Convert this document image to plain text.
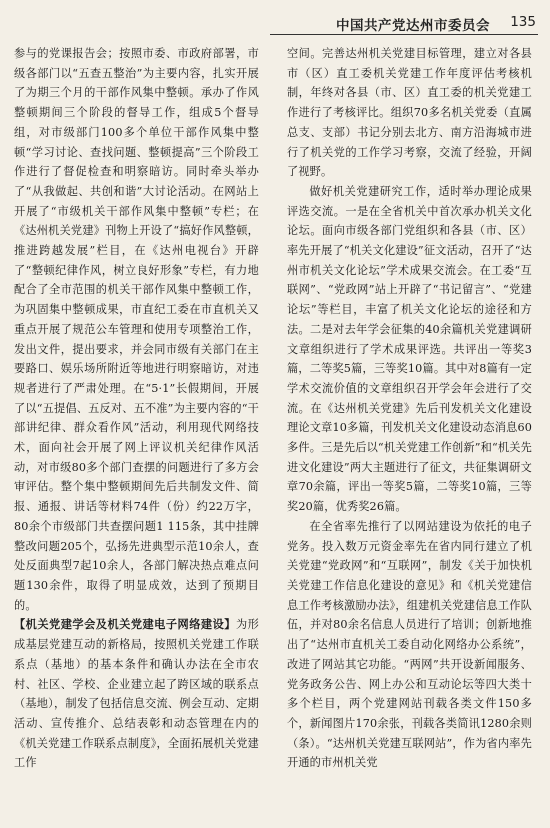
中国共产党达州市委员会 135

参与的党课报告会；按照市委、市政府部署，市级各部门以“五查五整治”为主要内容，扎实开展了为期三个月的干部作风集中整顿。承办了作风整顿期间三个阶段的督导工作，组成5个督导组，对市级部门100多个单位干部作风集中整顿“学习讨论、查找问题、整顿提高”三个阶段工作进行了督促检查和明察暗访。同时牵头举办了“从我做起、共创和谐”大讨论活动。在网站上开展了“市级机关干部作风集中整顿”专栏；在《达州机关党建》刊物上开设了“搞好作风整顿，推进跨越发展”栏目，在《达州电视台》开辟了“整顿纪律作风，树立良好形象”专栏，有力地配合了全市范围的机关干部作风集中整顿工作，为巩固集中整顿成果，市直纪工委在市直机关又重点开展了规范公车管理和使用专项整治工作，发出文件，提出要求，并会同市级有关部门在主要路口、娱乐场所附近等地进行明察暗访，对违规者进行了严肃处理。在“5·1”长假期间，开展了以“五提倡、五反对、五不准”为主要内容的“干部讲纪律、群众看作风”活动，利用现代网络技术，面向社会开展了网上评议机关纪律作风活动，对市级80多个部门查摆的问题进行了多方会审评估。整个集中整顿期间先后共制发文件、简报、通报、讲话等材料74件（份）约22万字，80余个市级部门共查摆问题1 115条，其中挂牌整改问题205个，弘扬先进典型示范10余人，查处反面典型7起10余人，各部门解决热点难点问题130余件，取得了明显成效，达到了预期目的。

【机关党建学会及机关党建电子网络建设】为形成基层党建互动的新格局，按照机关党建工作联系点（基地）的基本条件和确认办法在全市农村、社区、学校、企业建立起了跨区域的联系点（基地），制发了包括信息交流、例会互动、定期活动、宣传推介、总结表彰和动态管理在内的《机关党建工作联系点制度》，全面拓展机关党建工作

空间。完善达州机关党建目标管理，建立对各县市（区）直工委机关党建工作年度评估考核机制，年终对各县（市、区）直工委的机关党建工作进行了考核评比。组织70多名机关党委（直属总支、支部）书记分别去北方、南方沿海城市进行了机关党的工作学习考察，交流了经验，开阔了视野。

做好机关党建研究工作，适时举办理论成果评选交流。一是在全省机关中首次承办机关文化论坛。面向市级各部门党组织和各县（市、区）率先开展了“机关文化建设”征文活动，召开了“达州市机关文化论坛”学术成果交流会。在工委“互联网”、“党政网”站上开辟了“书记留言”、“党建论坛”等栏目，丰富了机关文化论坛的途径和方法。二是对去年学会征集的40余篇机关党建调研文章组织进行了学术成果评选。共评出一等奖3篇，二等奖5篇，三等奖10篇。其中对8篇有一定学术交流价值的文章组织召开学会年会进行了交流。在《达州机关党建》先后刊发机关文化建设理论文章10多篇，刊发机关文化建设动态消息60多件。三是先后以“机关党建工作创新”和“机关先进文化建设”两大主题进行了征文，共征集调研文章70余篇，评出一等奖5篇，二等奖10篇，三等奖20篇，优秀奖26篇。

在全省率先推行了以网站建设为依托的电子党务。投入数万元资金率先在省内同行建立了机关党建“党政网”和“互联网”，制发《关于加快机关党建工作信息化建设的意见》和《机关党建信息工作考核激励办法》，组建机关党建信息工作队伍，并对80余名信息人员进行了培训；创新地推出了“达州市直机关工委自动化网络办公系统”，改进了网站其它功能。“两网”共开设新闻服务、党务政务公告、网上办公和互动论坛等四大类十多个栏目，两个党建网站刊载各类文件150多个，新闻图片170余张，刊载各类简讯1280余则（条）。“达州机关党建互联网站”，作为省内率先开通的市州机关党
